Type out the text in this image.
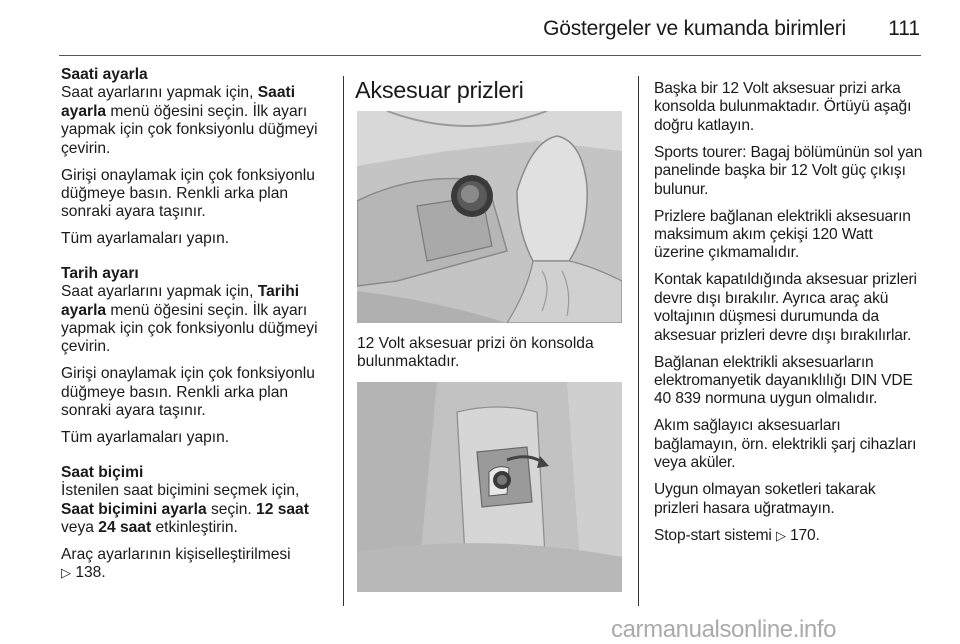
Göstergeler ve kumanda birimleri	111

Saati ayarla
Saat ayarlarını yapmak için, Saati ayarla menü öğesini seçin. İlk ayarı yapmak için çok fonksiyonlu düğmeyi çevirin.

Girişi onaylamak için çok fonksiyonlu düğmeye basın. Renkli arka plan sonraki ayara taşınır.

Tüm ayarlamaları yapın.

Tarih ayarı
Saat ayarlarını yapmak için, Tarihi ayarla menü öğesini seçin. İlk ayarı yapmak için çok fonksiyonlu düğmeyi çevirin.

Girişi onaylamak için çok fonksiyonlu düğmeye basın. Renkli arka plan sonraki ayara taşınır.

Tüm ayarlamaları yapın.

Saat biçimi
İstenilen saat biçimini seçmek için, Saat biçimini ayarla seçin. 12 saat veya 24 saat etkinleştirin.

Araç ayarlarının kişiselleştirilmesi
▷ 138.

Aksesuar prizleri
12 Volt aksesuar prizi ön konsolda bulunmaktadır.

Başka bir 12 Volt aksesuar prizi arka konsolda bulunmaktadır. Örtüyü aşağı doğru katlayın.

Sports tourer: Bagaj bölümünün sol yan panelinde başka bir 12 Volt güç çıkışı bulunur.

Prizlere bağlanan elektrikli aksesuarın maksimum akım çekişi 120 Watt üzerine çıkmamalıdır.

Kontak kapatıldığında aksesuar prizleri devre dışı bırakılır. Ayrıca araç akü voltajının düşmesi durumunda da aksesuar prizleri devre dışı bırakılırlar.

Bağlanan elektrikli aksesuarların elektromanyetik dayanıklılığı DIN VDE 40 839 normuna uygun olmalıdır.

Akım sağlayıcı aksesuarları bağlamayın, örn. elektrikli şarj cihazları veya aküler.

Uygun olmayan soketleri takarak prizleri hasara uğratmayın.

Stop-start sistemi ▷ 170.

carmanualsonline.info
